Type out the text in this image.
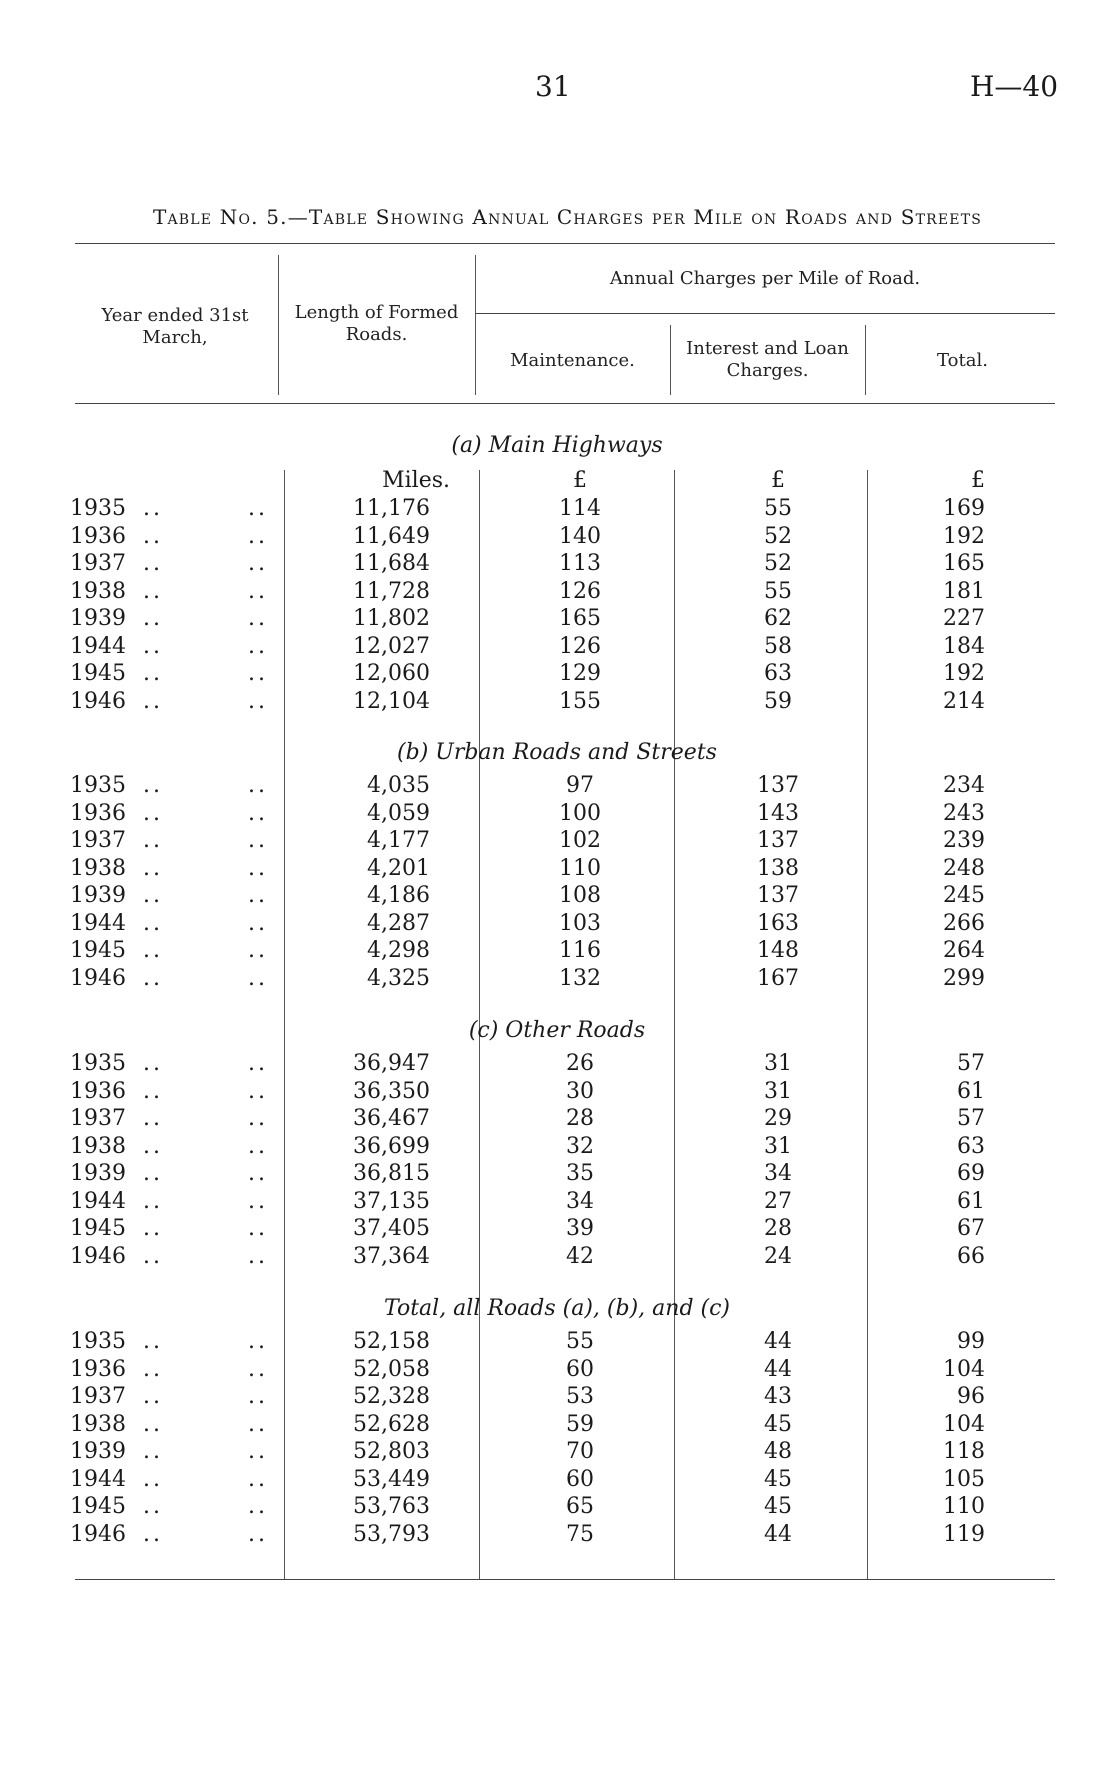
31	H—40
Table No. 5.—Table Showing Annual Charges per Mile on Roads and Streets
Year ended 31st March,
Length of Formed Roads.
Annual Charges per Mile of Road.
Maintenance.
Interest and Loan Charges.	Total.
Miles.	£	£	£
(a) Main Highways
1935 ..	..	11,176	114	55	169
1936 ..	..	11,649	140	52	192
1937 ..	..	11,684	113	52	165
1938 ..	..	11,728	126	55	181
1939 ..	..	11,802	165	62	227
1944 ..	..	12,027	126	58	184
1945 ..	..	12,060	129	63	192
1946 ..	..	12,104	155	59	214
(b) Urban Roads and Streets
1935 ..	..	4,035	97	137	234
1936 ..	..	4,059	100	143	243
1937 ..	..	4,177	102	137	239
1938 ..	..	4,201	110	138	248
1939 ..	..	4,186	108	137	245
1944 ..	..	4,287	103	163	266
1945 ..	..	4,298	116	148	264
1946 ..	..	4,325	132	167	299
(c) Other Roads
1935 ..	..	36,947	26	31	57
1936 ..	..	36,350	30	31	61
1937 ..	..	36,467	28	29	57
1938 ..	..	36,699	32	31	63
1939 ..	..	36,815	35	34	69
1944 ..	..	37,135	34	27	61
1945 ..	..	37,405	39	28	67
1946 ..	..	37,364	42	24	66
Total, all Roads (a), (b), and (c)
1935 ..	..	52,158	55	44	99
1936 ..	..	52,058	60	44	104
1937 ..	..	52,328	53	43	96
1938 ..	..	52,628	59	45	104
1939 ..	..	52,803	70	48	118
1944 ..	..	53,449	60	45	105
1945 ..	..	53,763	65	45	110
1946 ..	..	53,793	75	44	119
